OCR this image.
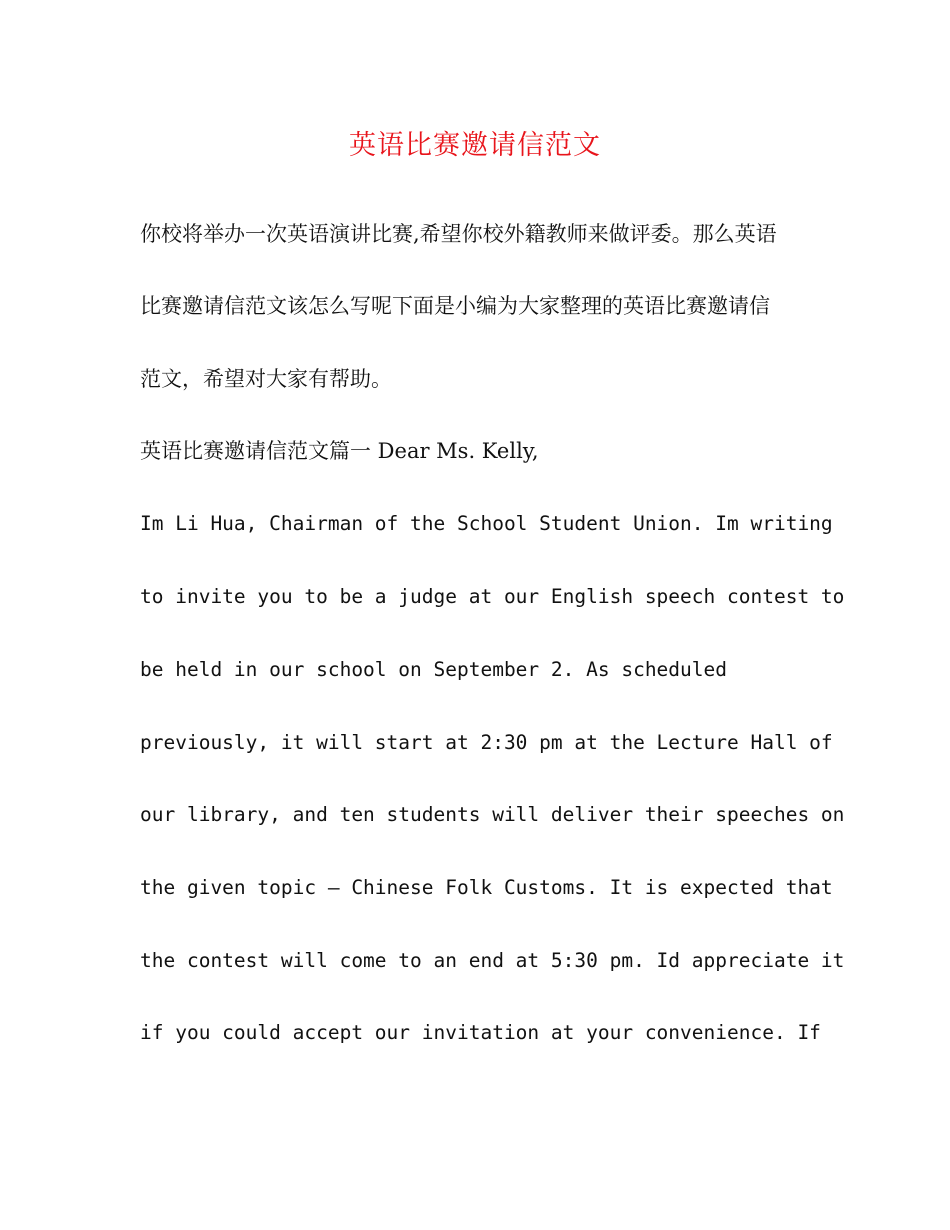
英语比赛邀请信范文
你校将举办一次英语演讲比赛,希望你校外籍教师来做评委。那么英语
比赛邀请信范文该怎么写呢下面是小编为大家整理的英语比赛邀请信
范文，希望对大家有帮助。
英语比赛邀请信范文篇一 Dear Ms. Kelly,
Im Li Hua, Chairman of the School Student Union. Im writing
to invite you to be a judge at our English speech contest to
be held in our school on September 2. As scheduled
previously, it will start at 2:30 pm at the Lecture Hall of
our library, and ten students will deliver their speeches on
the given topic — Chinese Folk Customs. It is expected that
the contest will come to an end at 5:30 pm. Id appreciate it
if you could accept our invitation at your convenience. If
